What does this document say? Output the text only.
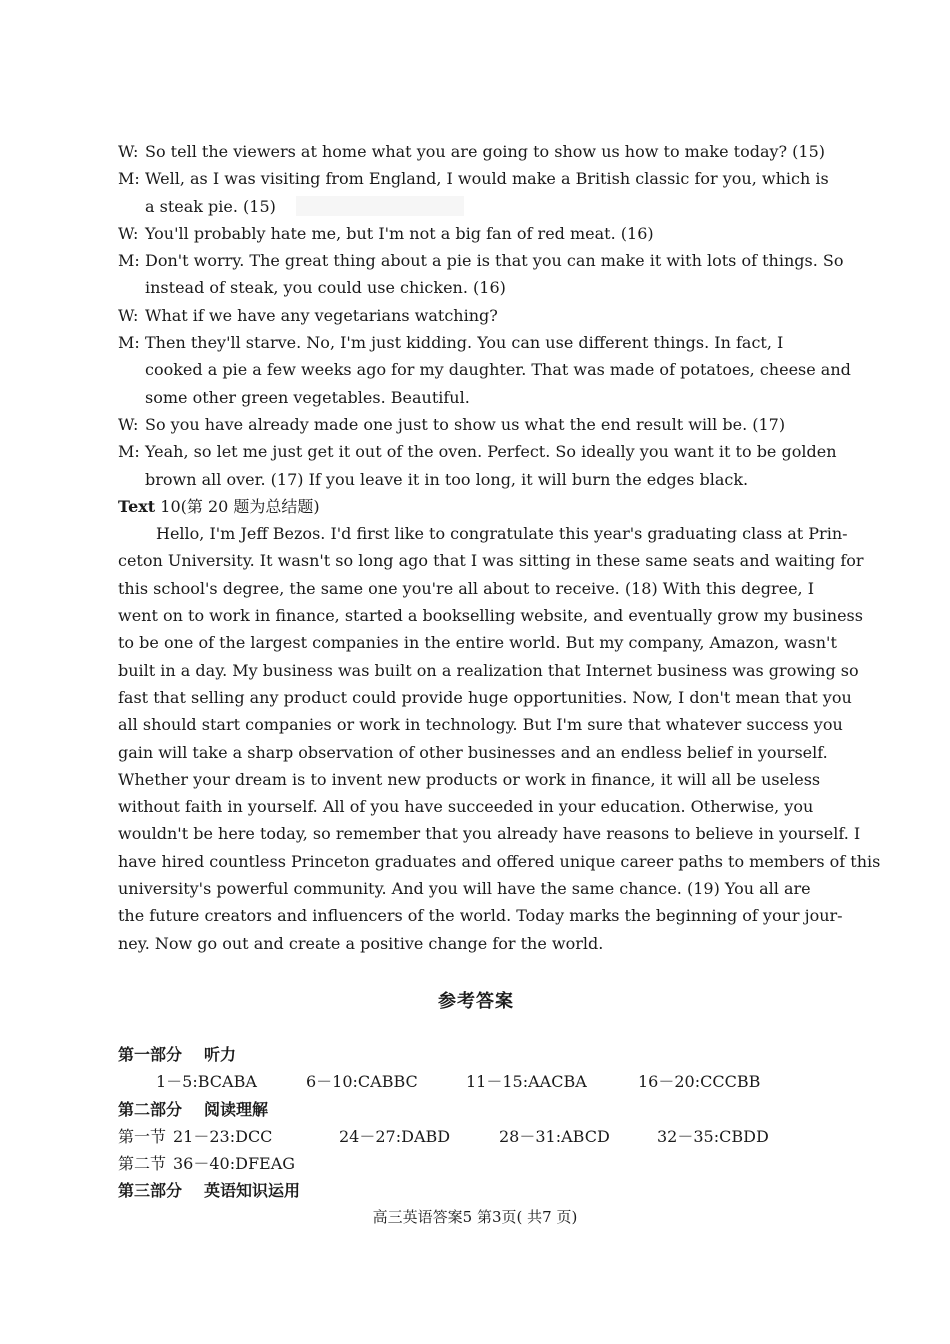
W: So tell the viewers at home what you are going to show us how to make today? (15)
M: Well, as I was visiting from England, I would make a British classic for you, which is
a steak pie. (15)
W: You'll probably hate me, but I'm not a big fan of red meat. (16)
M: Don't worry. The great thing about a pie is that you can make it with lots of things. So
instead of steak, you could use chicken. (16)
W: What if we have any vegetarians watching?
M: Then they'll starve. No, I'm just kidding. You can use different things. In fact, I
cooked a pie a few weeks ago for my daughter. That was made of potatoes, cheese and
some other green vegetables. Beautiful.
W: So you have already made one just to show us what the end result will be. (17)
M: Yeah, so let me just get it out of the oven. Perfect. So ideally you want it to be golden
brown all over. (17) If you leave it in too long, it will burn the edges black.
Text 10(第 20 题为总结题)
Hello, I'm Jeff Bezos. I'd first like to congratulate this year's graduating class at Prin-
ceton University. It wasn't so long ago that I was sitting in these same seats and waiting for
this school's degree, the same one you're all about to receive. (18) With this degree, I
went on to work in finance, started a bookselling website, and eventually grow my business
to be one of the largest companies in the entire world. But my company, Amazon, wasn't
built in a day. My business was built on a realization that Internet business was growing so
fast that selling any product could provide huge opportunities. Now, I don't mean that you
all should start companies or work in technology. But I'm sure that whatever success you
gain will take a sharp observation of other businesses and an endless belief in yourself.
Whether your dream is to invent new products or work in finance, it will all be useless
without faith in yourself. All of you have succeeded in your education. Otherwise, you
wouldn't be here today, so remember that you already have reasons to believe in yourself. I
have hired countless Princeton graduates and offered unique career paths to members of this
university's powerful community. And you will have the same chance. (19) You all are
the future creators and influencers of the world. Today marks the beginning of your jour-
ney. Now go out and create a positive change for the world.
参考答案
第一部分 听力
1－5:BCABA	6－10:CABBC	11－15:AACBA	16－20:CCCBB
第二部分 阅读理解
第一节 21－23:DCC	24－27:DABD	28－31:ABCD	32－35:CBDD
第二节 36－40:DFEAG
第三部分 英语知识运用
高三英语答案5 第3页( 共7 页)
